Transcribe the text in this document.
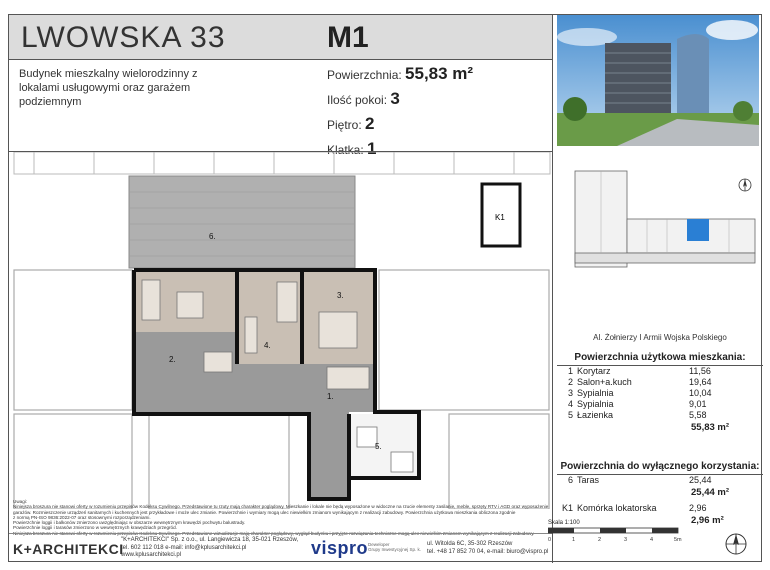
LWOWSKA 33	M1
Budynek mieszkalny wielorodzinny z lokalami usługowymi oraz garażem podziemnym
Powierzchnia: 55,83 m²
Ilość pokoi: 3
Piętro: 2
Klatka: 1
K1
1.
2.
3.
4.
5.
6.
Al. Żołnierzy I Armii Wojska Polskiego
Powierzchnia użytkowa mieszkania:
1 Korytarz	11,56
2 Salon+a.kuch	19,64
3 Sypialnia	10,04
4 Sypialnia	9,01
5 Łazienka	5,58
55,83 m²
Powierzchnia do wyłącznego korzystania:
6 Taras	25,44
25,44 m²
K1 Komórka lokatorska	2,96
2,96 m²
Uwagi:
Niniejsza broszura nie stanowi oferty w rozumieniu przepisów Kodeksu Cywilnego. Przedstawione tu rzuty mają charakter poglądowy. Mieszkanie i lokale nie będą wyposażone w widoczne na rzucie elementy zasilanie, meble, sprzęty RTV i AGD oraz wyposażenie garażów. Rozmieszczenie urządzeń sanitarnych i kuchennych jest przykładowe i może ulec zmianie. Powierzchnie i wymiary mogą ulec niewielkim zmianom wynikającym z realizacji zabudowy. Powierzchnia użytkowa mieszkania obliczona zgodnie
z normą PN-ISO 9836:2022-07 oraz stosownymi rozporządzeniami.
Powierzchnie loggii i balkonów zmierzono uwzględniając w obszarze wewnętrznym krawędzi pochwytu balustrady.
Powierzchnie loggii i tarasów zmierzono w wewnętrznych krawędziach przegród.
Niniejsza broszura nie stanowi oferty w rozumieniu przepisów Kodeksu Cywilnego. Przedstawione wizualizacje mają charakter poglądowy, wygląd budynku i przyjęte rozwiązania techniczne mogą ulec niewielkim zmianom wynikającym z realizacji zabudowy.
K+ARCHITEKCI
"K+ARCHITEKCI" Sp. z o.o., ul. Langiewicza 18, 35-021 Rzeszów,
tel. 602 112 018 e-mail: info@kplusarchitekci.pl
www.kplusarchitekci.pl	vispro Deweloper
Grupy Inwestycyjnej Sp. k.
ul. Witolda 6C, 35-302 Rzeszów
tel. +48 17 852 70 04, e-mail: biuro@vispro.pl
Skala 1:100
0	1	2	3	4	5m
